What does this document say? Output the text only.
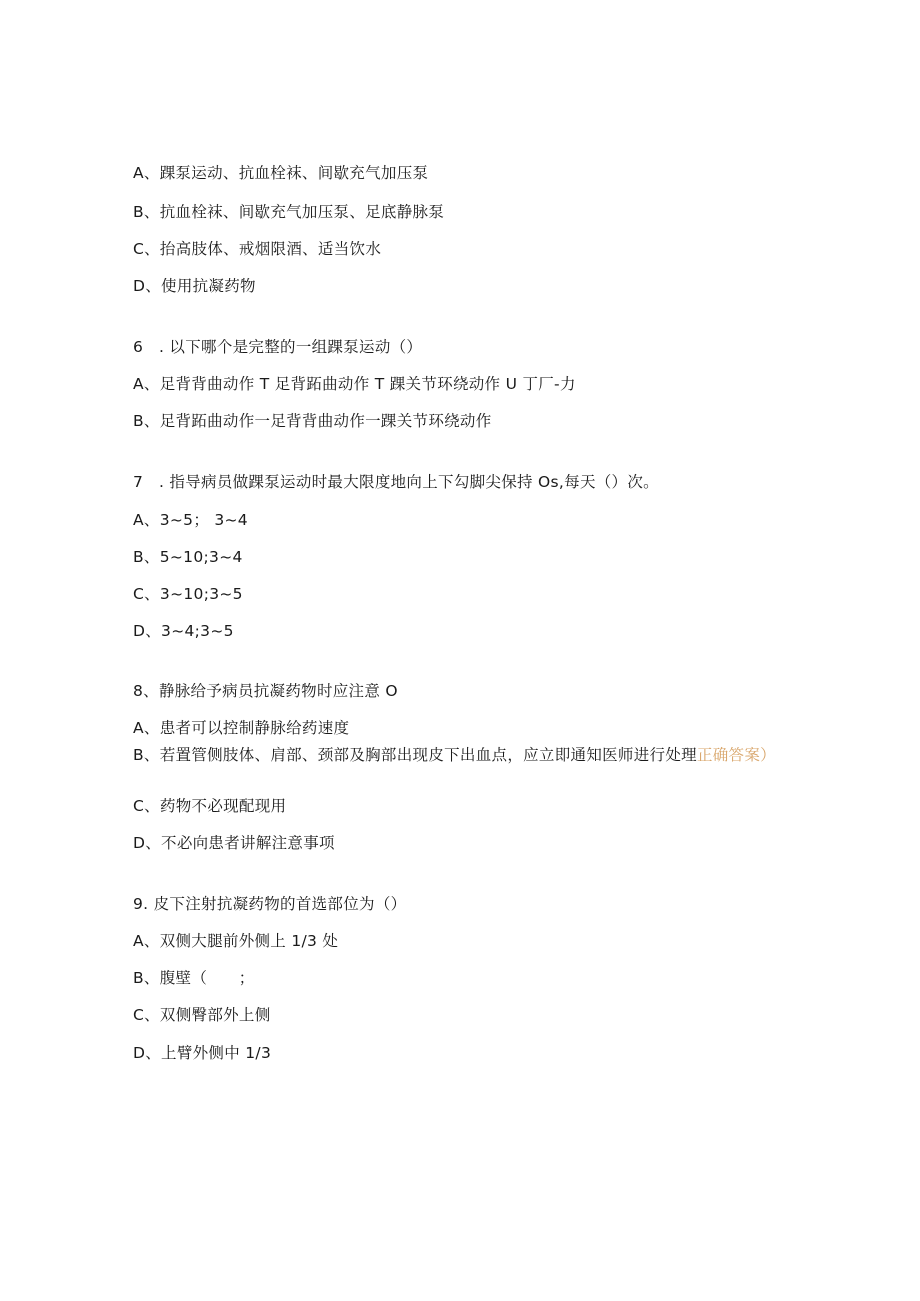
A、踝泵运动、抗血栓袜、间歇充气加压泵
B、抗血栓袜、间歇充气加压泵、足底静脉泵
C、抬高肢体、戒烟限酒、适当饮水
D、使用抗凝药物
6　. 以下哪个是完整的一组踝泵运动（）
A、足背背曲动作 T 足背跖曲动作 T 踝关节环绕动作 U 丁厂-力
B、足背跖曲动作一足背背曲动作一踝关节环绕动作
7　. 指导病员做踝泵运动时最大限度地向上下勾脚尖保持 Os,每天（）次。
A、3~5； 3~4
B、5~10;3~4
C、3~10;3~5
D、3~4;3~5
8、静脉给予病员抗凝药物时应注意 O
A、患者可以控制静脉给药速度
B、若置管侧肢体、肩部、颈部及胸部出现皮下出血点，应立即通知医师进行处理正确答案）
C、药物不必现配现用
D、不必向患者讲解注意事项
9. 皮下注射抗凝药物的首选部位为（）
A、双侧大腿前外侧上 1/3 处
B、腹壁（　　；
C、双侧臀部外上侧
D、上臂外侧中 1/3
